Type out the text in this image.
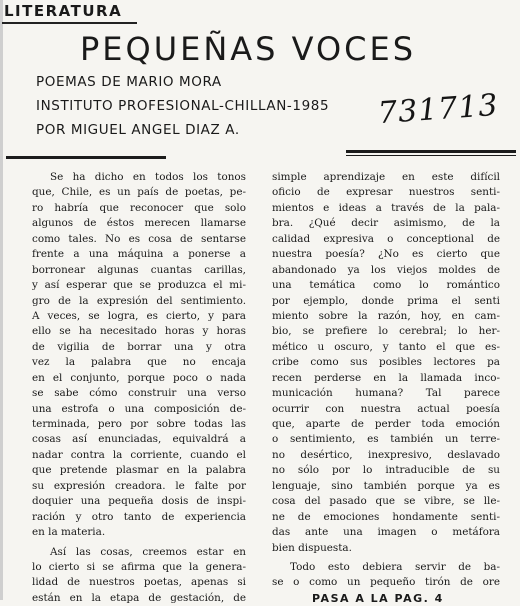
LITERATURA
PEQUEÑAS VOCES
POEMAS DE MARIO MORA
INSTITUTO PROFESIONAL-CHILLAN-1985
POR MIGUEL ANGEL DIAZ A.	731713
Se ha dicho en todos los tonos
que, Chile, es un país de poetas, pe-
ro habría que reconocer que solo
algunos de éstos merecen llamarse
como tales. No es cosa de sentarse
frente a una máquina a ponerse a
borronear algunas cuantas carillas,
y así esperar que se produzca el mi-
gro de la expresión del sentimiento.
A veces, se logra, es cierto, y para
ello se ha necesitado horas y horas
de vigilia de borrar una y otra
vez la palabra que no encaja
en el conjunto, porque poco o nada
se sabe cómo construir una verso
una estrofa o una composición de-
terminada, pero por sobre todas las
cosas así enunciadas, equivaldrá a
nadar contra la corriente, cuando el
que pretende plasmar en la palabra
su expresión creadora. le falte por
doquier una pequeña dosis de inspi-
ración y otro tanto de experiencia
en la materia.
Así las cosas, creemos estar en
lo cierto si se afirma que la genera-
lidad de nuestros poetas, apenas si
están en la etapa de gestación, de
simple aprendizaje en este difícil
oficio de expresar nuestros senti-
mientos e ideas a través de la pala-
bra. ¿Qué decir asimismo, de la
calidad expresiva o conceptional de
nuestra poesía? ¿No es cierto que
abandonado ya los viejos moldes de
una temática como lo romántico
por ejemplo, donde prima el senti
miento sobre la razón, hoy, en cam-
bio, se prefiere lo cerebral; lo her-
mético u oscuro, y tanto el que es-
cribe como sus posibles lectores pa
recen perderse en la llamada inco-
municación humana? Tal parece
ocurrir con nuestra actual poesía
que, aparte de perder toda emoción
o sentimiento, es también un terre-
no desértico, inexpresivo, deslavado
no sólo por lo intraducible de su
lenguaje, sino también porque ya es
cosa del pasado que se vibre, se lle-
ne de emociones hondamente senti-
das ante una imagen o metáfora
bien dispuesta.
Todo esto debiera servir de ba-
se o como un pequeño tirón de ore
PASA A LA PAG. 4
